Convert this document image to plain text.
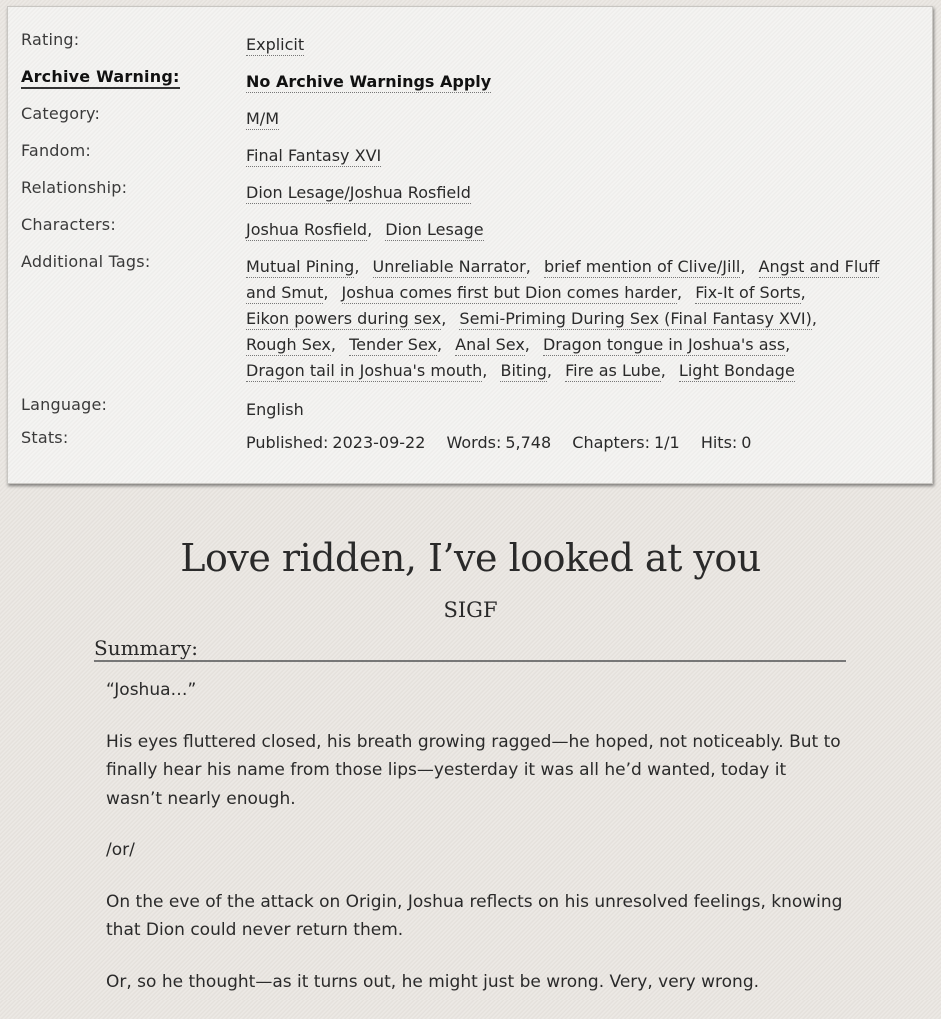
Rating:	Explicit
Archive Warning:	No Archive Warnings Apply
Category:	M/M
Fandom:	Final Fantasy XVI
Relationship:	Dion Lesage/Joshua Rosfield
Characters:	Joshua Rosfield, Dion Lesage
Additional Tags:	Mutual Pining, Unreliable Narrator, brief mention of Clive/Jill, Angst and Fluff and Smut, Joshua comes first but Dion comes harder, Fix-It of Sorts, Eikon powers during sex, Semi-Priming During Sex (Final Fantasy XVI), Rough Sex, Tender Sex, Anal Sex, Dragon tongue in Joshua's ass, Dragon tail in Joshua's mouth, Biting, Fire as Lube, Light Bondage
Language:	English
Stats:	Published: 2023-09-22 Words: 5,748 Chapters: 1/1 Hits: 0
Love ridden, I’ve looked at you
SIGF
Summary:

“Joshua…”

His eyes fluttered closed, his breath growing ragged—he hoped, not noticeably. But to finally hear his name from those lips—yesterday it was all he’d wanted, today it wasn’t nearly enough.

/or/

On the eve of the attack on Origin, Joshua reflects on his unresolved feelings, knowing that Dion could never return them.

Or, so he thought—as it turns out, he might just be wrong. Very, very wrong.
